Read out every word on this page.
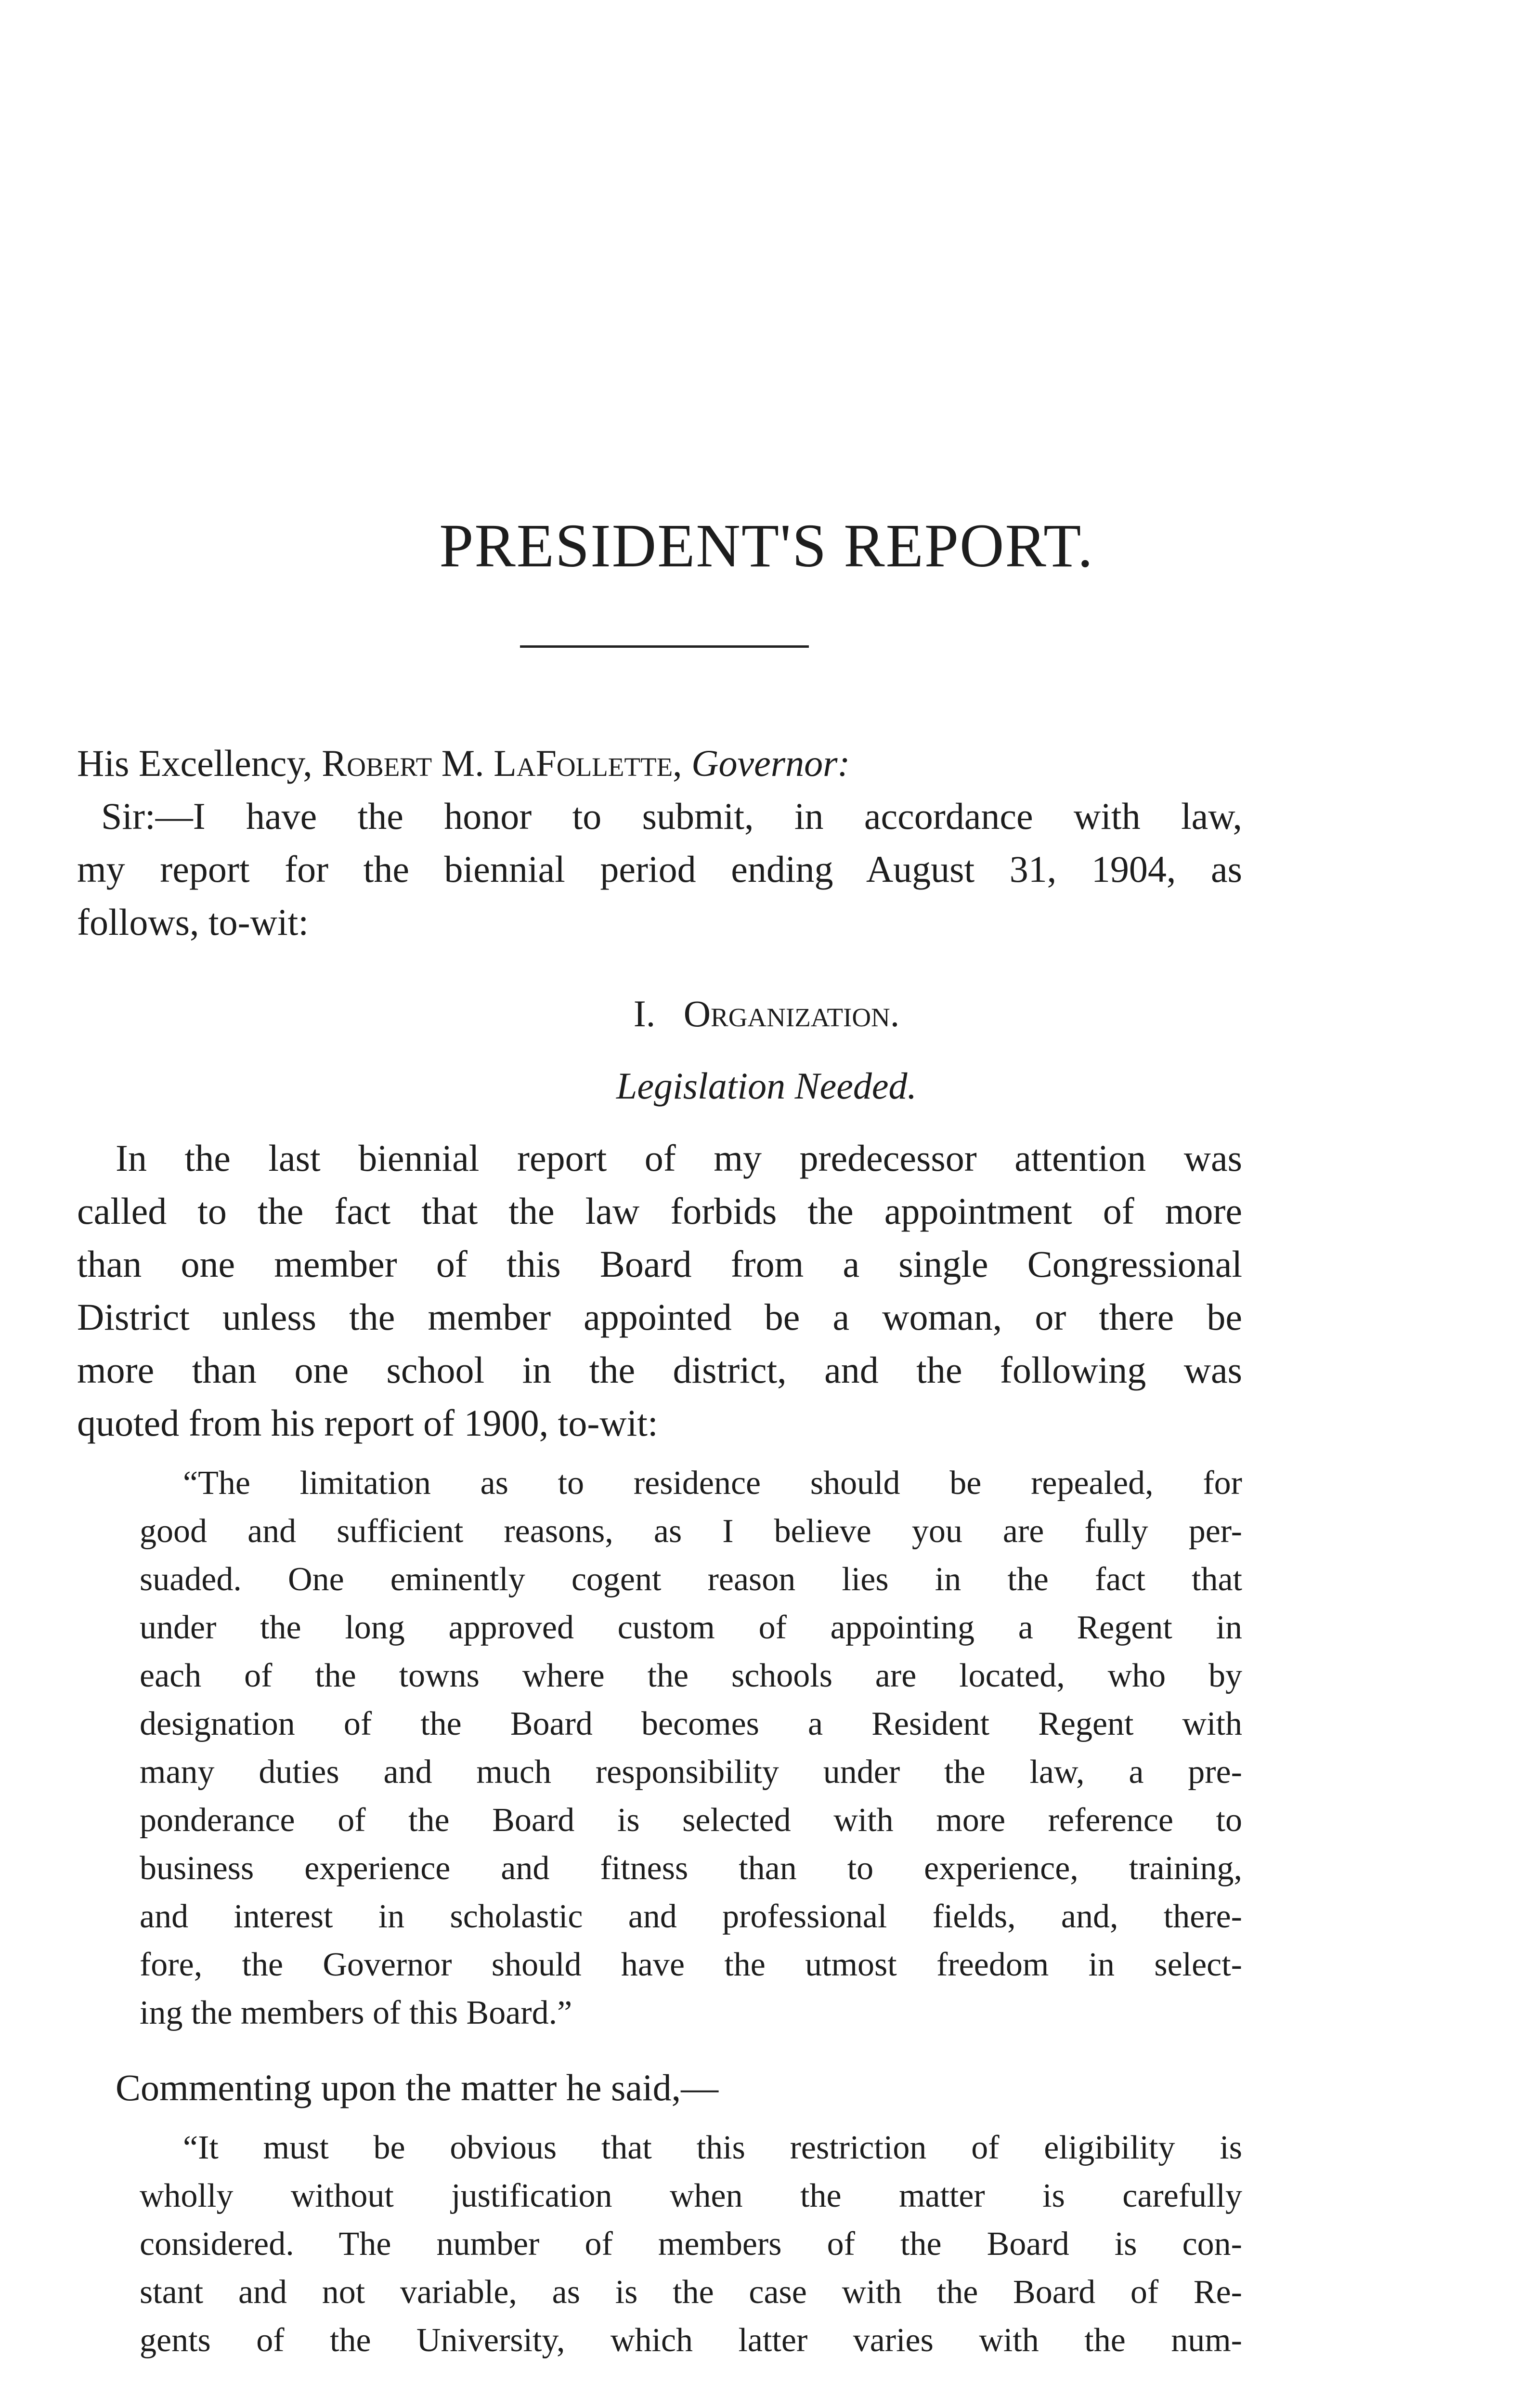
PRESIDENT'S REPORT.

His Excellency, Robert M. LaFollette, Governor:

Sir:—I have the honor to submit, in accordance with law,

my report for the biennial period ending August 31, 1904, as

follows, to-wit:

I. Organization.

Legislation Needed.

In the last biennial report of my predecessor attention was

called to the fact that the law forbids the appointment of more

than one member of this Board from a single Congressional

District unless the member appointed be a woman, or there be

more than one school in the district, and the following was

quoted from his report of 1900, to-wit:

“The limitation as to residence should be repealed, for

good and sufficient reasons, as I believe you are fully per-

suaded. One eminently cogent reason lies in the fact that

under the long approved custom of appointing a Regent in

each of the towns where the schools are located, who by

designation of the Board becomes a Resident Regent with

many duties and much responsibility under the law, a pre-

ponderance of the Board is selected with more reference to

business experience and fitness than to experience, training,

and interest in scholastic and professional fields, and, there-

fore, the Governor should have the utmost freedom in select-

ing the members of this Board.”

Commenting upon the matter he said,—

“It must be obvious that this restriction of eligibility is

wholly without justification when the matter is carefully

considered. The number of members of the Board is con-

stant and not variable, as is the case with the Board of Re-

gents of the University, which latter varies with the num-
